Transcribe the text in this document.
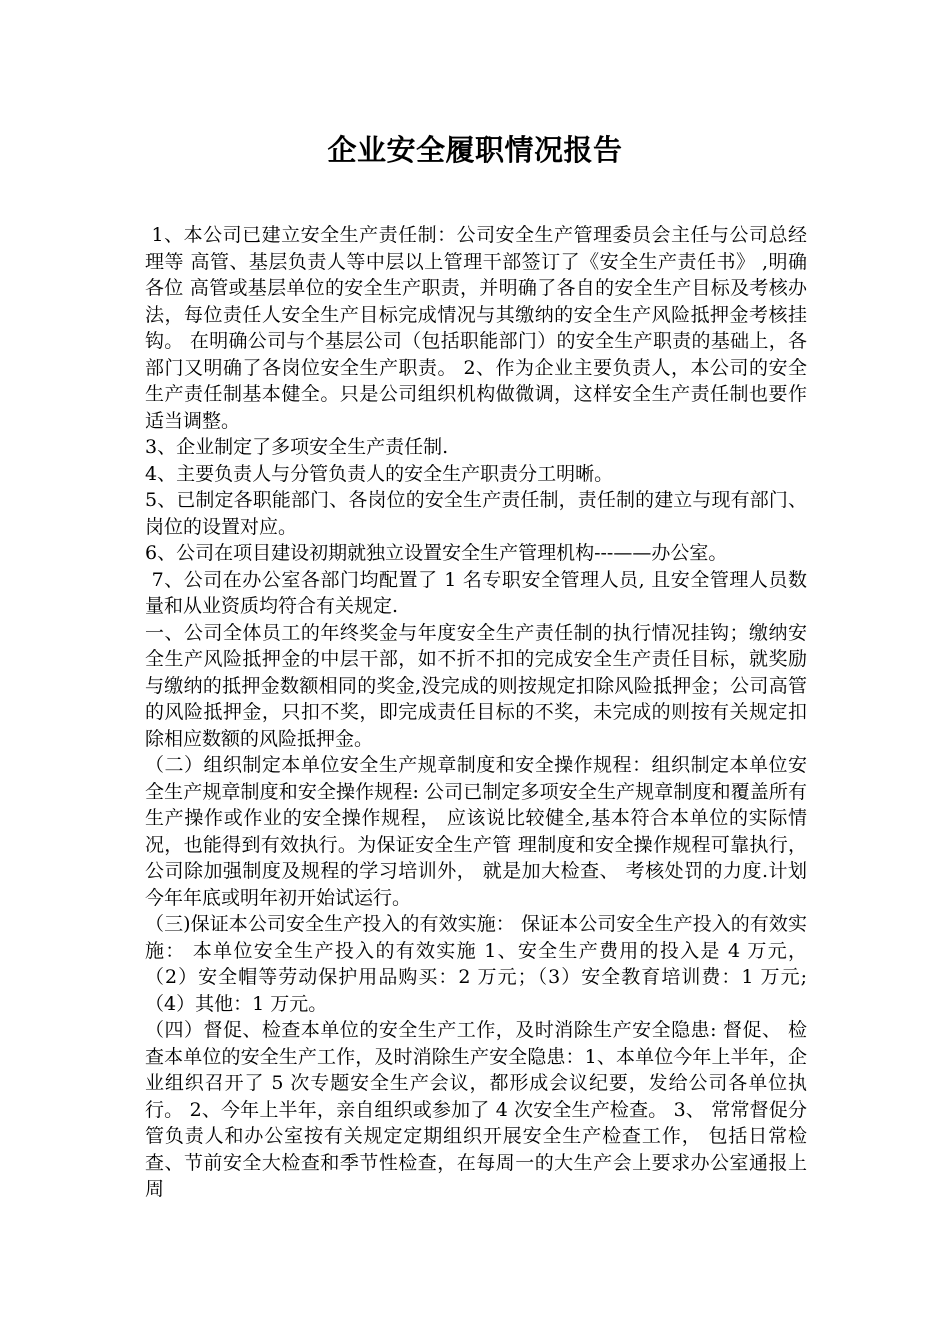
企业安全履职情况报告

1、本公司已建立安全生产责任制：公司安全生产管理委员会主任与公司总经理等 高管、基层负责人等中层以上管理干部签订了《安全生产责任书》 ,明确各位 高管或基层单位的安全生产职责，并明确了各自的安全生产目标及考核办法，每位责任人安全生产目标完成情况与其缴纳的安全生产风险抵押金考核挂钩。 在明确公司与个基层公司（包括职能部门）的安全生产职责的基础上，各部门又明确了各岗位安全生产职责。 2、作为企业主要负责人，本公司的安全生产责任制基本健全。只是公司组织机构做微调，这样安全生产责任制也要作适当调整。

3、企业制定了多项安全生产责任制.

4、主要负责人与分管负责人的安全生产职责分工明晰。

5、已制定各职能部门、各岗位的安全生产责任制，责任制的建立与现有部门、岗位的设置对应。

6、公司在项目建设初期就独立设置安全生产管理机构---——办公室。

7、公司在办公室各部门均配置了 1 名专职安全管理人员, 且安全管理人员数量和从业资质均符合有关规定.

一、公司全体员工的年终奖金与年度安全生产责任制的执行情况挂钩；缴纳安全生产风险抵押金的中层干部，如不折不扣的完成安全生产责任目标，就奖励与缴纳的抵押金数额相同的奖金,没完成的则按规定扣除风险抵押金；公司高管的风险抵押金，只扣不奖，即完成责任目标的不奖，未完成的则按有关规定扣除相应数额的风险抵押金。

（二）组织制定本单位安全生产规章制度和安全操作规程：组织制定本单位安全生产规章制度和安全操作规程: 公司已制定多项安全生产规章制度和覆盖所有生产操作或作业的安全操作规程， 应该说比较健全,基本符合本单位的实际情况，也能得到有效执行。为保证安全生产管 理制度和安全操作规程可靠执行， 公司除加强制度及规程的学习培训外， 就是加大检查、 考核处罚的力度.计划今年年底或明年初开始试运行。

（三)保证本公司安全生产投入的有效实施： 保证本公司安全生产投入的有效实施： 本单位安全生产投入的有效实施 1、安全生产费用的投入是 4 万元，  （2）安全帽等劳动保护用品购买：2 万元；（3）安全教育培训费：1 万元;（4）其他：1 万元。

（四）督促、检查本单位的安全生产工作，及时消除生产安全隐患: 督促、 检查本单位的安全生产工作，及时消除生产安全隐患：1、本单位今年上半年，企业组织召开了 5 次专题安全生产会议，都形成会议纪要，发给公司各单位执行。 2、今年上半年，亲自组织或参加了 4 次安全生产检查。 3、 常常督促分管负责人和办公室按有关规定定期组织开展安全生产检查工作， 包括日常检查、节前安全大检查和季节性检查，在每周一的大生产会上要求办公室通报上周
